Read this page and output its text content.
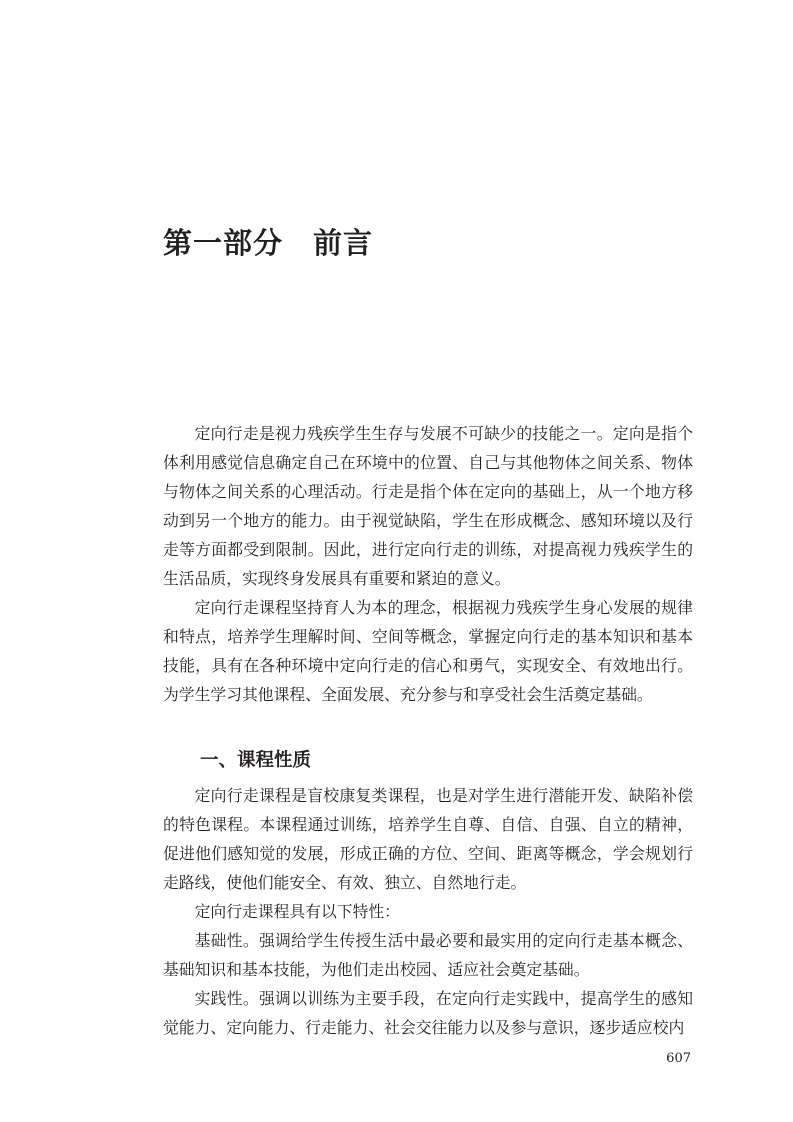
第一部分　前言

定向行走是视力残疾学生生存与发展不可缺少的技能之一。定向是指个体利用感觉信息确定自己在环境中的位置、自己与其他物体之间关系、物体与物体之间关系的心理活动。行走是指个体在定向的基础上，从一个地方移动到另一个地方的能力。由于视觉缺陷，学生在形成概念、感知环境以及行走等方面都受到限制。因此，进行定向行走的训练，对提高视力残疾学生的生活品质，实现终身发展具有重要和紧迫的意义。

定向行走课程坚持育人为本的理念，根据视力残疾学生身心发展的规律和特点，培养学生理解时间、空间等概念，掌握定向行走的基本知识和基本技能，具有在各种环境中定向行走的信心和勇气，实现安全、有效地出行。为学生学习其他课程、全面发展、充分参与和享受社会生活奠定基础。

一、课程性质

定向行走课程是盲校康复类课程，也是对学生进行潜能开发、缺陷补偿的特色课程。本课程通过训练，培养学生自尊、自信、自强、自立的精神，促进他们感知觉的发展，形成正确的方位、空间、距离等概念，学会规划行走路线，使他们能安全、有效、独立、自然地行走。

定向行走课程具有以下特性：

基础性。强调给学生传授生活中最必要和最实用的定向行走基本概念、基础知识和基本技能，为他们走出校园、适应社会奠定基础。

实践性。强调以训练为主要手段，在定向行走实践中，提高学生的感知觉能力、定向能力、行走能力、社会交往能力以及参与意识，逐步适应校内

607
